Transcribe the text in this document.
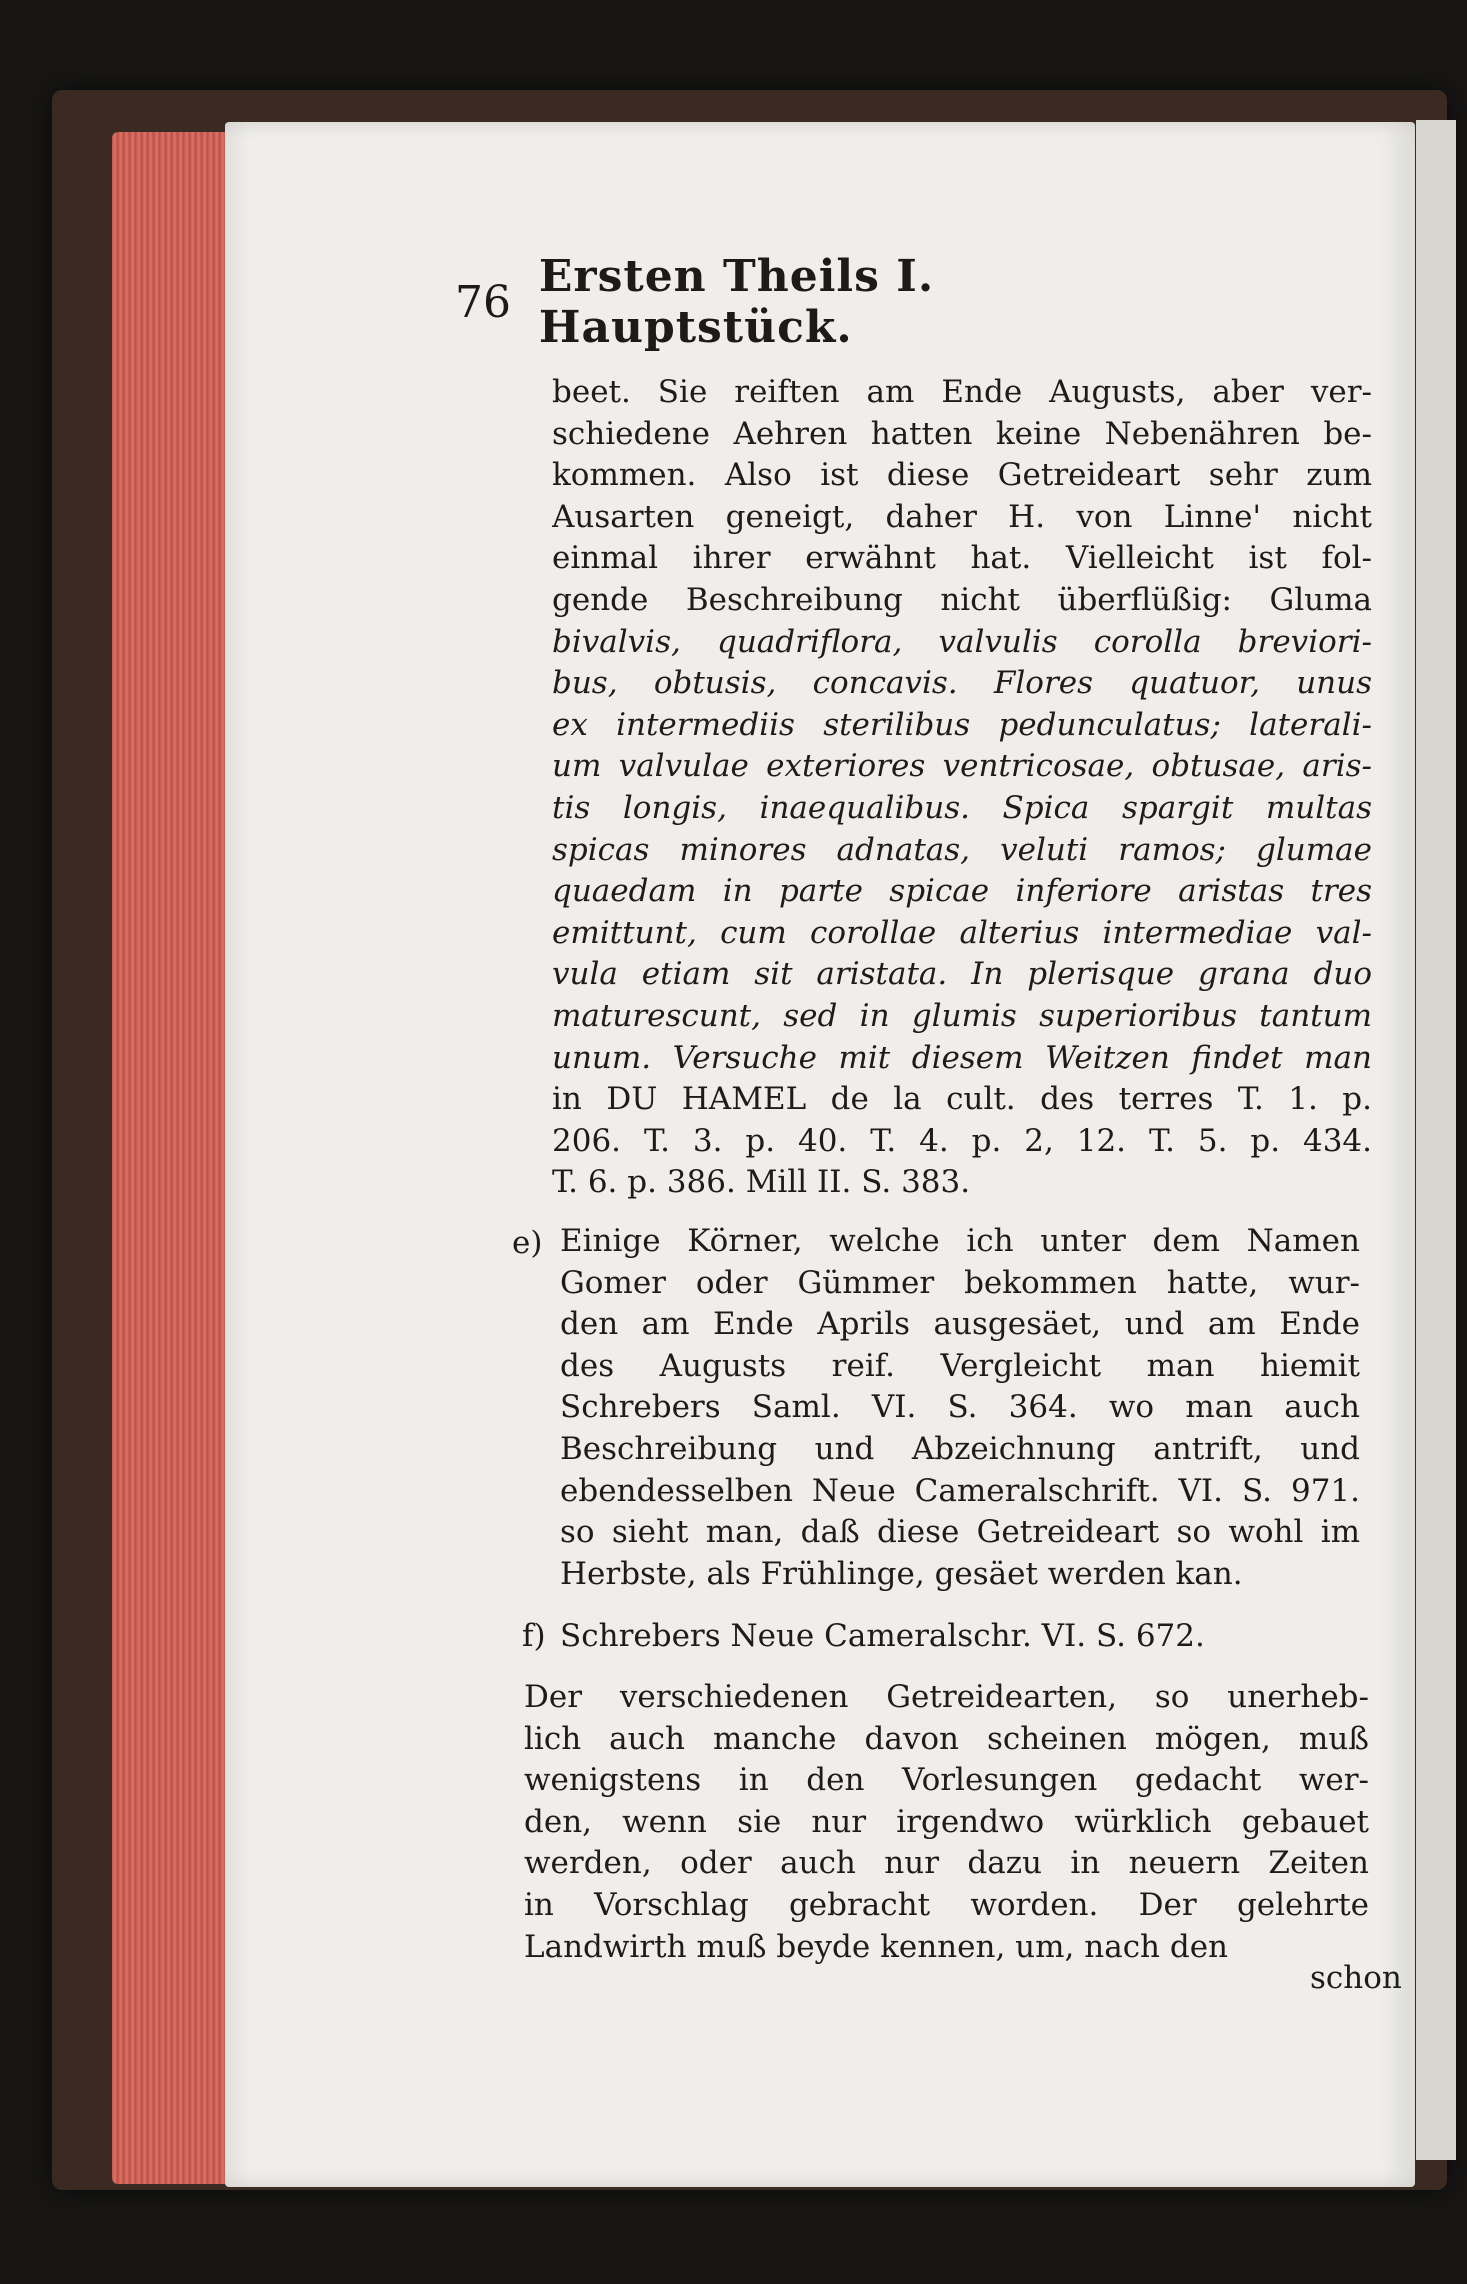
76 Ersten Theils I. Hauptstück.
beet. Sie reiften am Ende Augusts, aber ver-
schiedene Aehren hatten keine Nebenähren be-
kommen. Also ist diese Getreideart sehr zum
Ausarten geneigt, daher H. von Linne' nicht
einmal ihrer erwähnt hat. Vielleicht ist fol-
gende Beschreibung nicht überflüßig: Gluma
bivalvis, quadriflora, valvulis corolla breviori-
bus, obtusis, concavis. Flores quatuor, unus
ex intermediis sterilibus pedunculatus; laterali-
um valvulae exteriores ventricosae, obtusae, aris-
tis longis, inaequalibus. Spica spargit multas
spicas minores adnatas, veluti ramos; glumae
quaedam in parte spicae inferiore aristas tres
emittunt, cum corollae alterius intermediae val-
vula etiam sit aristata. In plerisque grana duo
maturescunt, sed in glumis superioribus tantum
unum. Versuche mit diesem Weitzen findet man
in DU HAMEL de la cult. des terres T. 1. p.
206. T. 3. p. 40. T. 4. p. 2, 12. T. 5. p. 434.
T. 6. p. 386. Mill II. S. 383.
e) Einige Körner, welche ich unter dem Namen
Gomer oder Gümmer bekommen hatte, wur-
den am Ende Aprils ausgesäet, und am Ende
des Augusts reif. Vergleicht man hiemit
Schrebers Saml. VI. S. 364. wo man auch
Beschreibung und Abzeichnung antrift, und
ebendesselben Neue Cameralschrift. VI. S. 971.
so sieht man, daß diese Getreideart so wohl im
Herbste, als Frühlinge, gesäet werden kan.
f) Schrebers Neue Cameralschr. VI. S. 672.
Der verschiedenen Getreidearten, so unerheb-
lich auch manche davon scheinen mögen, muß
wenigstens in den Vorlesungen gedacht wer-
den, wenn sie nur irgendwo würklich gebauet
werden, oder auch nur dazu in neuern Zeiten
in Vorschlag gebracht worden. Der gelehrte
Landwirth muß beyde kennen, um, nach den
schon
